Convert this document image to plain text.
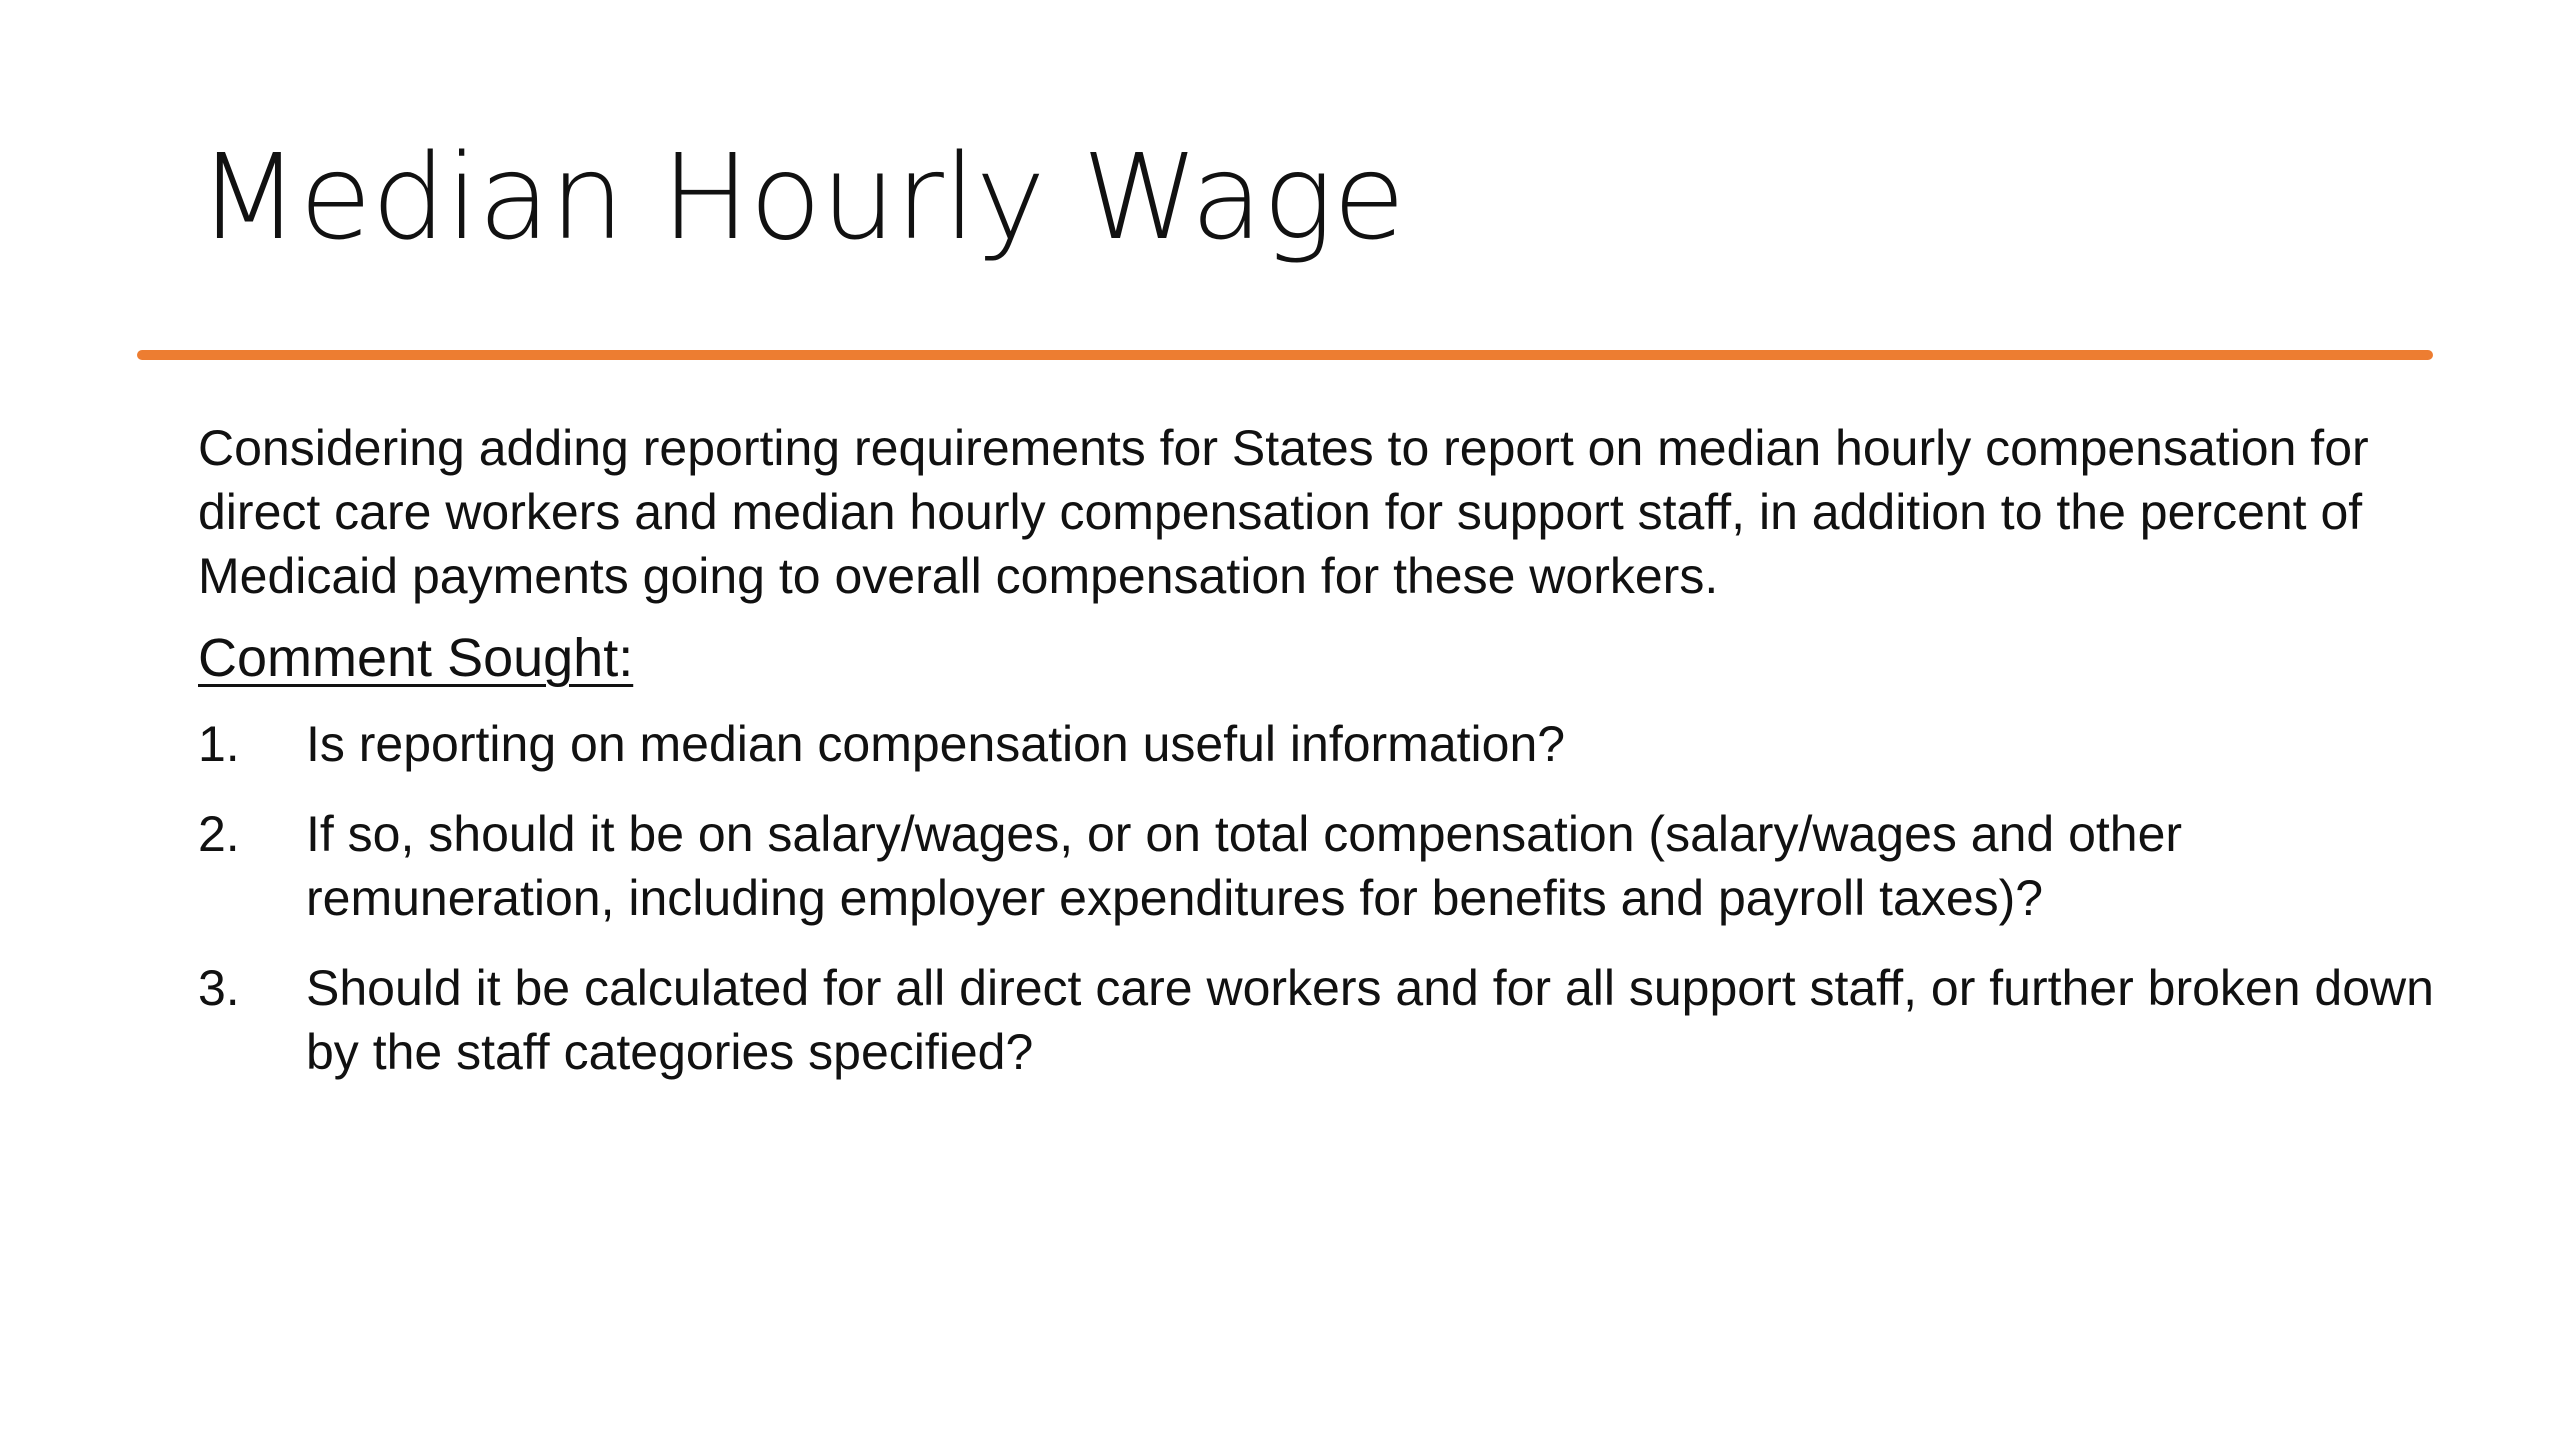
Median Hourly Wage

Considering adding reporting requirements for States to report on median hourly compensation for direct care workers and median hourly compensation for support staff, in addition to the percent of Medicaid payments going to overall compensation for these workers.

Comment Sought:
1.	Is reporting on median compensation useful information?
2.	If so, should it be on salary/wages, or on total compensation (salary/wages and other remuneration, including employer expenditures for benefits and payroll taxes)?
3.	Should it be calculated for all direct care workers and for all support staff, or further broken down by the staff categories specified?
